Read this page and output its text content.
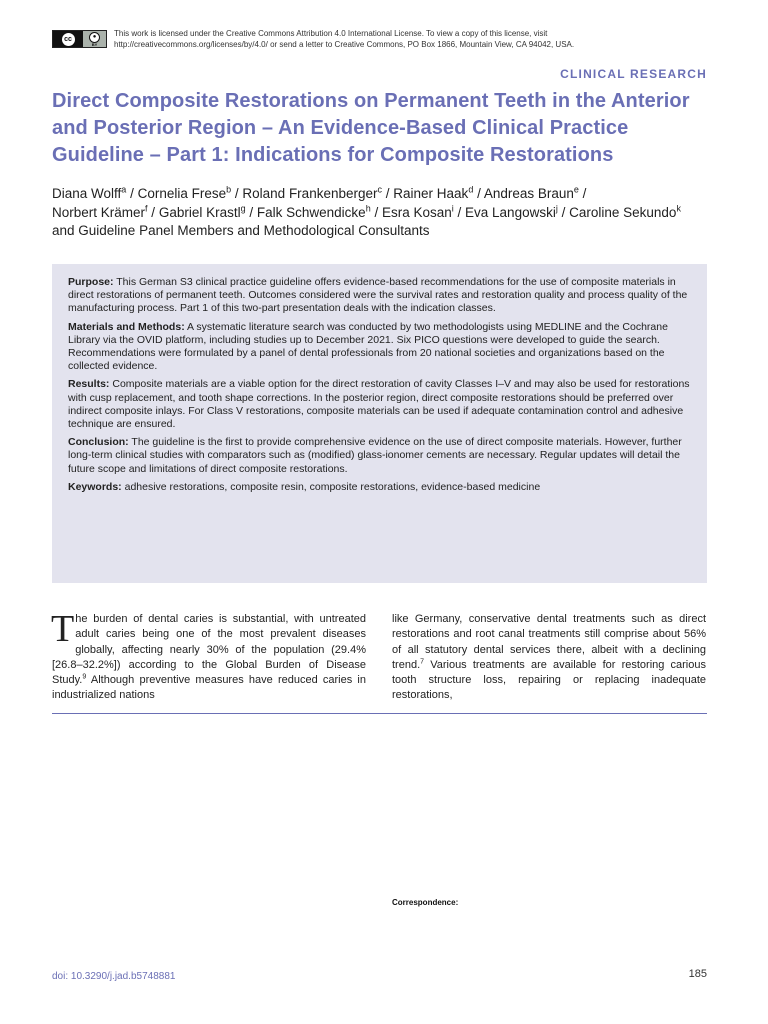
cc	●
BY
This work is licensed under the Creative Commons Attribution 4.0 International License. To view a copy of this license, visit http://creativecommons.org/licenses/by/4.0/ or send a letter to Creative Commons, PO Box 1866, Mountain View, CA 94042, USA.
CLINICAL RESEARCH
Direct Composite Restorations on Permanent Teeth in the Anterior and Posterior Region – An Evidence-Based Clinical Practice Guideline – Part 1: Indications for Composite Restorations
Diana Wolff$^a$ / Cornelia Frese$^b$ / Roland Frankenberger$^c$ / Rainer Haak$^d$ / Andreas Braun$^e$ /
Norbert Krämer$^f$ / Gabriel Krastl$^g$ / Falk Schwendicke$^h$ / Esra Kosan$^i$ / Eva Langowski$^j$ / Caroline Sekundo$^k$
and Guideline Panel Members and Methodological Consultants

Purpose: This German S3 clinical practice guideline offers evidence-based recommendations for the use of composite materials in direct restorations of permanent teeth. Outcomes considered were the survival rates and restoration quality and process quality of the manufacturing process. Part 1 of this two-part presentation deals with the indication classes.

Materials and Methods: A systematic literature search was conducted by two methodologists using MEDLINE and the Cochrane Library via the OVID platform, including studies up to December 2021. Six PICO questions were developed to guide the search. Recommendations were formulated by a panel of dental professionals from 20 national societies and organizations based on the collected evidence.

Results: Composite materials are a viable option for the direct restoration of cavity Classes I–V and may also be used for restorations with cusp replacement, and tooth shape corrections. In the posterior region, direct composite restorations should be preferred over indirect composite inlays. For Class V restorations, composite materials can be used if adequate contamination control and adhesive technique are ensured.

Conclusion: The guideline is the first to provide comprehensive evidence on the use of direct composite materials. However, further long-term clinical studies with comparators such as (modified) glass-ionomer cements are necessary. Regular updates will detail the future scope and limitations of direct composite restorations.

Keywords: adhesive restorations, composite resin, composite restorations, evidence-based medicine

The burden of dental caries is substantial, with untreated adult caries being one of the most prevalent diseases globally, affecting nearly 30% of the population (29.4% [26.8–32.2%]) according to the Global Burden of Disease Study.$^9$ Although preventive measures have reduced caries in industrialized nations
like Germany, conservative dental treatments such as direct restorations and root canal treatments still comprise about 56% of all statutory dental services there, albeit with a declining trend.$^7$ Various treatments are available for restoring carious tooth structure loss, repairing or replacing inadequate restorations,
Correspondence:
doi: 10.3290/j.jad.b5748881	185
